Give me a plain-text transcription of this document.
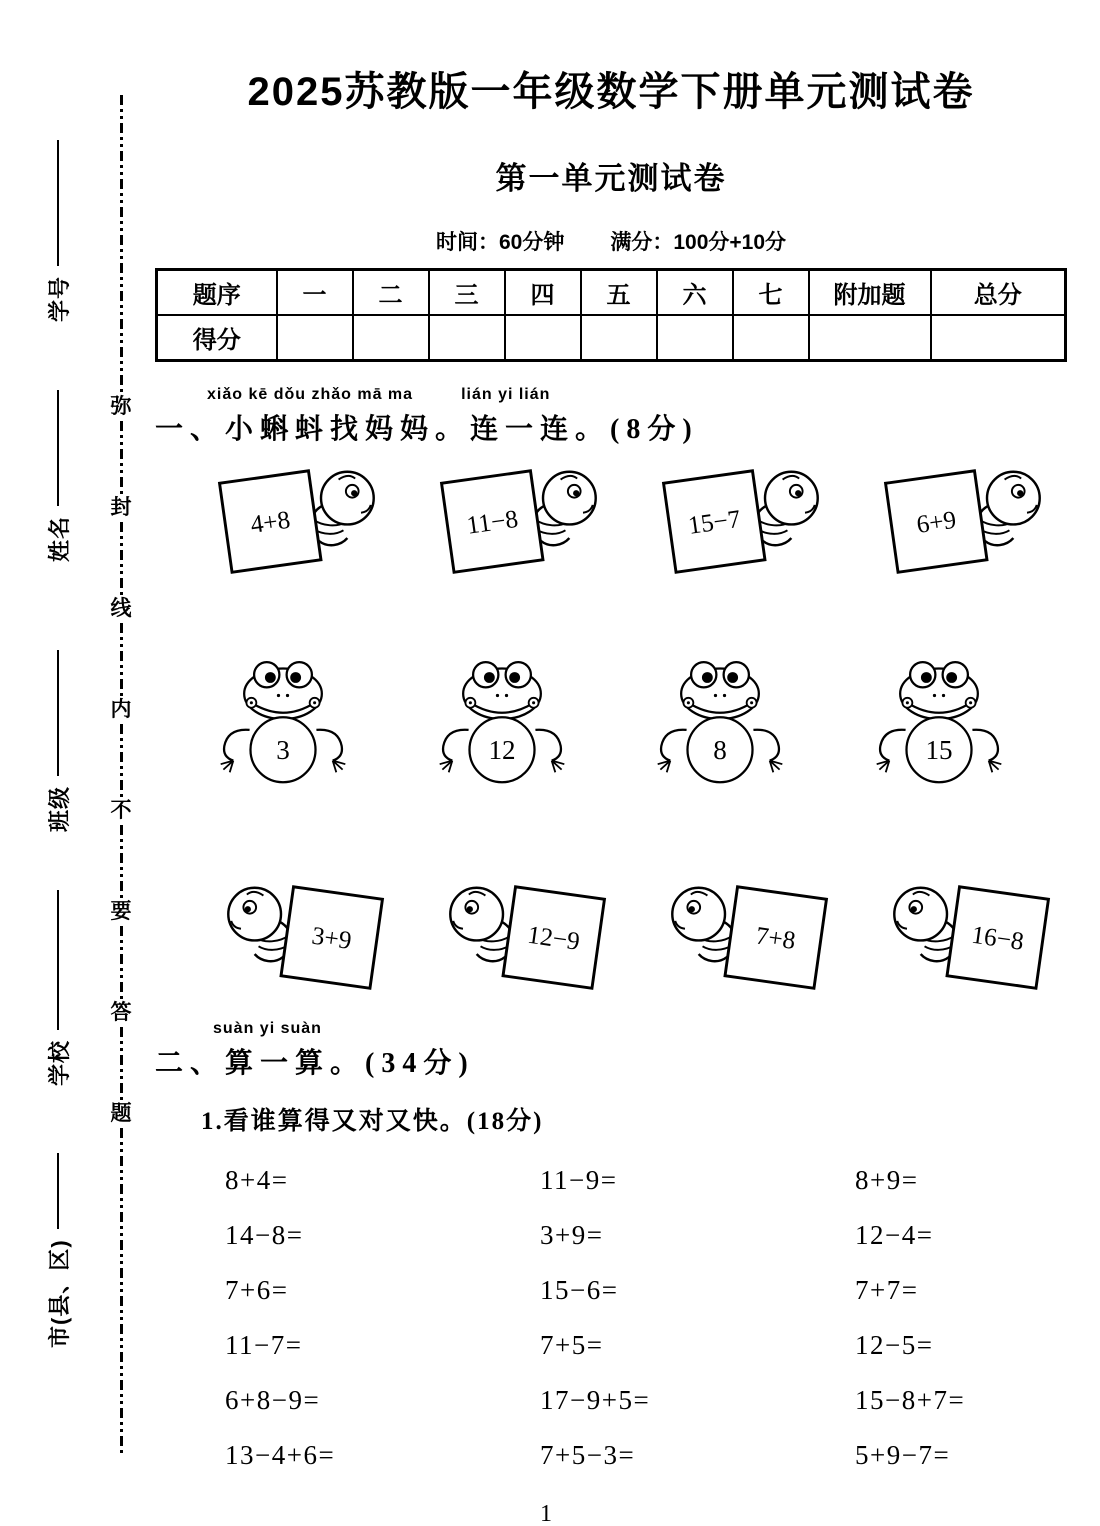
学号
姓名
班级
学校
市(县、区)
弥
封
线
内
不
要
答
题
2025苏教版一年级数学下册单元测试卷
第一单元测试卷
时间：60分钟 满分：100分+10分
题序	一	二	三	四	五	六	七	附加题	总分
得分									
xiǎo kē dǒu zhǎo mā ma	lián yi lián
一、小蝌蚪找妈妈。连一连。(8分)
4+8	11−8	15−7	6+9
3	12	8	15
3+9	12−9	7+8	16−8
suàn yi suàn
二、算一算。(34分)
1.看谁算得又对又快。(18分)
8+4=	11−9=	8+9=
14−8=	3+9=	12−4=
7+6=	15−6=	7+7=
11−7=	7+5=	12−5=
6+8−9=	17−9+5=	15−8+7=
13−4+6=	7+5−3=	5+9−7=
1
